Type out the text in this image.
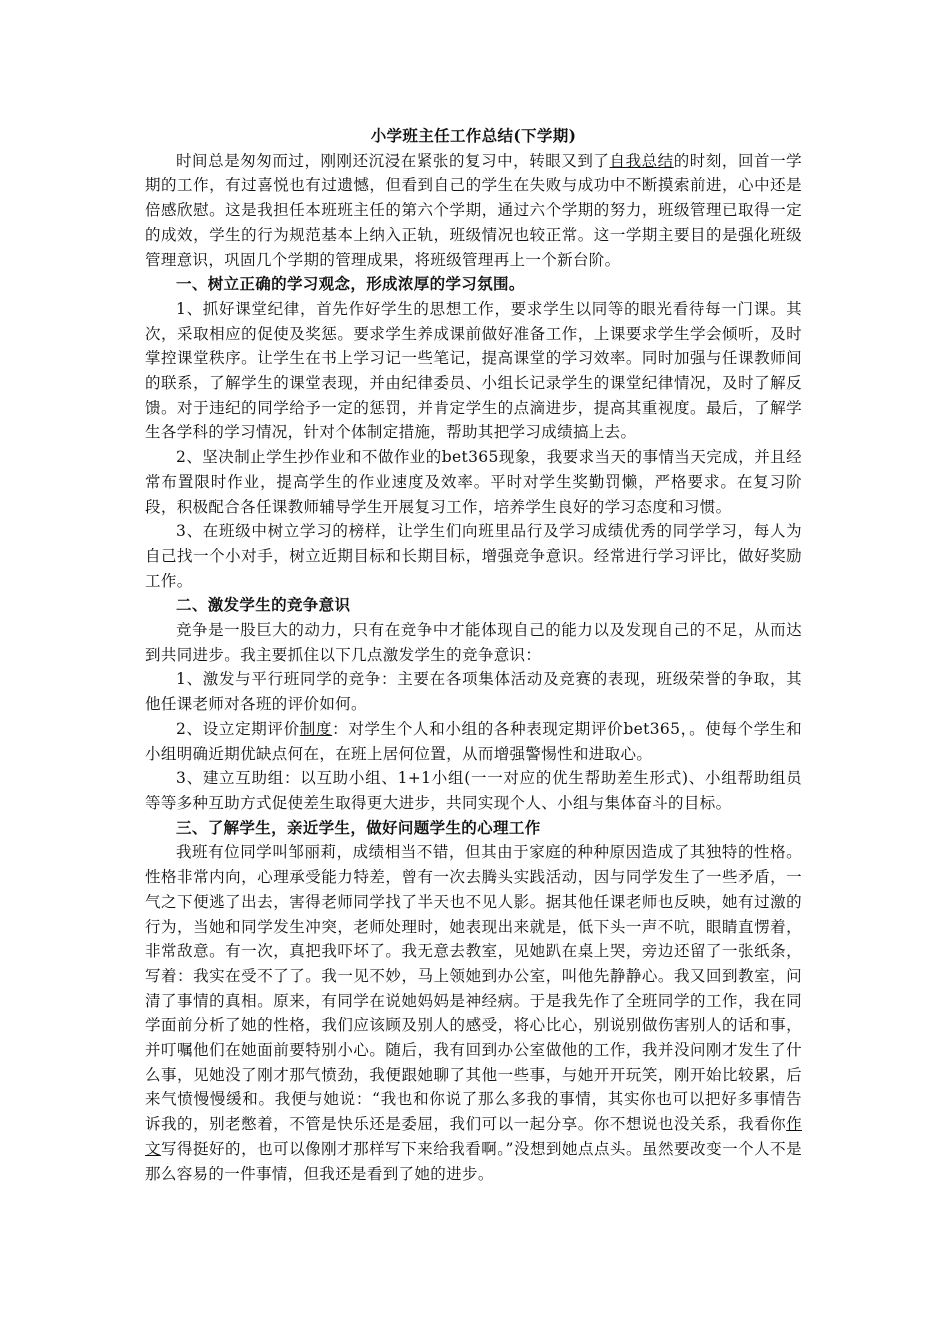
小学班主任工作总结(下学期)

时间总是匆匆而过，刚刚还沉浸在紧张的复习中，转眼又到了自我总结的时刻，回首一学期的工作，有过喜悦也有过遗憾，但看到自己的学生在失败与成功中不断摸索前进，心中还是倍感欣慰。这是我担任本班班主任的第六个学期，通过六个学期的努力，班级管理已取得一定的成效，学生的行为规范基本上纳入正轨，班级情况也较正常。这一学期主要目的是强化班级管理意识，巩固几个学期的管理成果，将班级管理再上一个新台阶。

一、树立正确的学习观念，形成浓厚的学习氛围。

1、抓好课堂纪律，首先作好学生的思想工作，要求学生以同等的眼光看待每一门课。其次，采取相应的促使及奖惩。要求学生养成课前做好准备工作，上课要求学生学会倾听，及时掌控课堂秩序。让学生在书上学习记一些笔记，提高课堂的学习效率。同时加强与任课教师间的联系，了解学生的课堂表现，并由纪律委员、小组长记录学生的课堂纪律情况，及时了解反馈。对于违纪的同学给予一定的惩罚，并肯定学生的点滴进步，提高其重视度。最后，了解学生各学科的学习情况，针对个体制定措施，帮助其把学习成绩搞上去。

2、坚决制止学生抄作业和不做作业的bet365现象，我要求当天的事情当天完成，并且经常布置限时作业，提高学生的作业速度及效率。平时对学生奖勤罚懒，严格要求。在复习阶段，积极配合各任课教师辅导学生开展复习工作，培养学生良好的学习态度和习惯。

3、在班级中树立学习的榜样，让学生们向班里品行及学习成绩优秀的同学学习，每人为自己找一个小对手，树立近期目标和长期目标，增强竞争意识。经常进行学习评比，做好奖励工作。

二、激发学生的竞争意识

竞争是一股巨大的动力，只有在竞争中才能体现自己的能力以及发现自己的不足，从而达到共同进步。我主要抓住以下几点激发学生的竞争意识：

1、激发与平行班同学的竞争：主要在各项集体活动及竞赛的表现，班级荣誉的争取，其他任课老师对各班的评价如何。

2、设立定期评价制度：对学生个人和小组的各种表现定期评价bet365，。使每个学生和小组明确近期优缺点何在，在班上居何位置，从而增强警惕性和进取心。

3、建立互助组：以互助小组、1+1小组(一一对应的优生帮助差生形式)、小组帮助组员等等多种互助方式促使差生取得更大进步，共同实现个人、小组与集体奋斗的目标。

三、了解学生，亲近学生，做好问题学生的心理工作

我班有位同学叫邹丽莉，成绩相当不错，但其由于家庭的种种原因造成了其独特的性格。性格非常内向，心理承受能力特差，曾有一次去腾头实践活动，因与同学发生了一些矛盾，一气之下便逃了出去，害得老师同学找了半天也不见人影。据其他任课老师也反映，她有过激的行为，当她和同学发生冲突，老师处理时，她表现出来就是，低下头一声不吭，眼睛直愣着，非常敌意。有一次，真把我吓坏了。我无意去教室，见她趴在桌上哭，旁边还留了一张纸条，写着：我实在受不了了。我一见不妙，马上领她到办公室，叫他先静静心。我又回到教室，问清了事情的真相。原来，有同学在说她妈妈是神经病。于是我先作了全班同学的工作，我在同学面前分析了她的性格，我们应该顾及别人的感受，将心比心，别说别做伤害别人的话和事，并叮嘱他们在她面前要特别小心。随后，我有回到办公室做他的工作，我并没问刚才发生了什么事，见她没了刚才那气愤劲，我便跟她聊了其他一些事，与她开开玩笑，刚开始比较累，后来气愤慢慢缓和。我便与她说：“我也和你说了那么多我的事情，其实你也可以把好多事情告诉我的，别老憋着，不管是快乐还是委屈，我们可以一起分享。你不想说也没关系，我看你作文写得挺好的，也可以像刚才那样写下来给我看啊。”没想到她点点头。虽然要改变一个人不是那么容易的一件事情，但我还是看到了她的进步。
